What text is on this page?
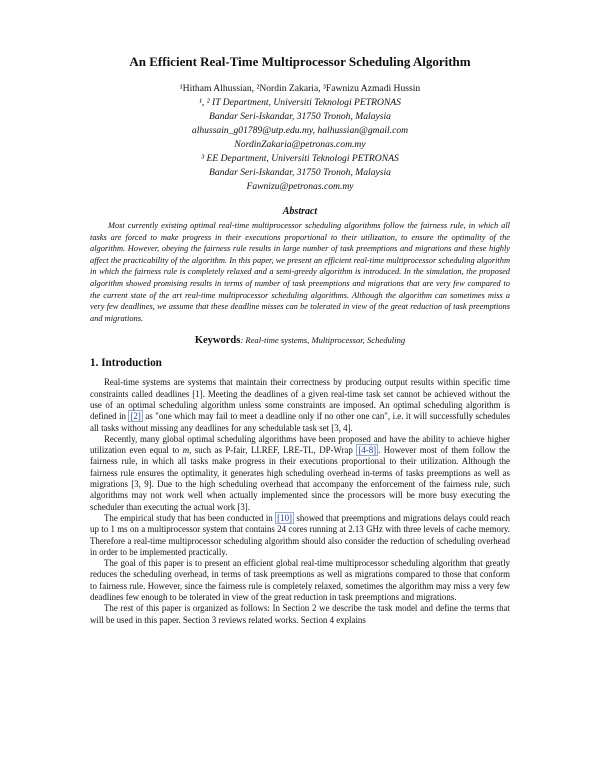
An Efficient Real-Time Multiprocessor Scheduling Algorithm
¹Hitham Alhussian, ²Nordin Zakaria, ³Fawnizu Azmadi Hussin
¹, ² IT Department, Universiti Teknologi PETRONAS
Bandar Seri-Iskandar, 31750 Tronoh, Malaysia
alhussain_g01789@utp.edu.my, halhussian@gmail.com
NordinZakaria@petronas.com.my
³ EE Department, Universiti Teknologi PETRONAS
Bandar Seri-Iskandar, 31750 Tronoh, Malaysia
Fawnizu@petronas.com.my
Abstract

Most currently existing optimal real-time multiprocessor scheduling algorithms follow the fairness rule, in which all tasks are forced to make progress in their executions proportional to their utilization, to ensure the optimality of the algorithm. However, obeying the fairness rule results in large number of task preemptions and migrations and these highly affect the practicability of the algorithm. In this paper, we present an efficient real-time multiprocessor scheduling algorithm in which the fairness rule is completely relaxed and a semi-greedy algorithm is introduced. In the simulation, the proposed algorithm showed promising results in terms of number of task preemptions and migrations that are very few compared to the current state of the art real-time multiprocessor scheduling algorithms. Although the algorithm can sometimes miss a very few deadlines, we assume that these deadline misses can be tolerated in view of the great reduction of task preemptions and migrations.

Keywords: Real-time systems, Multiprocessor, Scheduling
1. Introduction

Real-time systems are systems that maintain their correctness by producing output results within specific time constraints called deadlines [1]. Meeting the deadlines of a given real-time task set cannot be achieved without the use of an optimal scheduling algorithm unless some constraints are imposed. An optimal scheduling algorithm is defined in [2] as "one which may fail to meet a deadline only if no other one can", i.e. it will successfully schedules all tasks without missing any deadlines for any schedulable task set [3, 4].

Recently, many global optimal scheduling algorithms have been proposed and have the ability to achieve higher utilization even equal to m, such as P-fair, LLREF, LRE-TL, DP-Wrap [4-8] . However most of them follow the fairness rule, in which all tasks make progress in their executions proportional to their utilization. Although the fairness rule ensures the optimality, it generates high scheduling overhead in-terms of tasks preemptions as well as migrations [3, 9]. Due to the high scheduling overhead that accompany the enforcement of the fairness rule, such algorithms may not work well when actually implemented since the processors will be more busy executing the scheduler than executing the actual work [3].

The empirical study that has been conducted in [10] showed that preemptions and migrations delays could reach up to 1 ms on a multiprocessor system that contains 24 cores running at 2.13 GHz with three levels of cache memory. Therefore a real-time multiprocessor scheduling algorithm should also consider the reduction of scheduling overhead in order to be implemented practically.

The goal of this paper is to present an efficient global real-time multiprocessor scheduling algorithm that greatly reduces the scheduling overhead, in terms of task preemptions as well as migrations compared to those that conform to fairness rule. However, since the fairness rule is completely relaxed, sometimes the algorithm may miss a very few deadlines few enough to be tolerated in view of the great reduction in task preemptions and migrations.

The rest of this paper is organized as follows: In Section 2 we describe the task model and define the terms that will be used in this paper. Section 3 reviews related works. Section 4 explains
